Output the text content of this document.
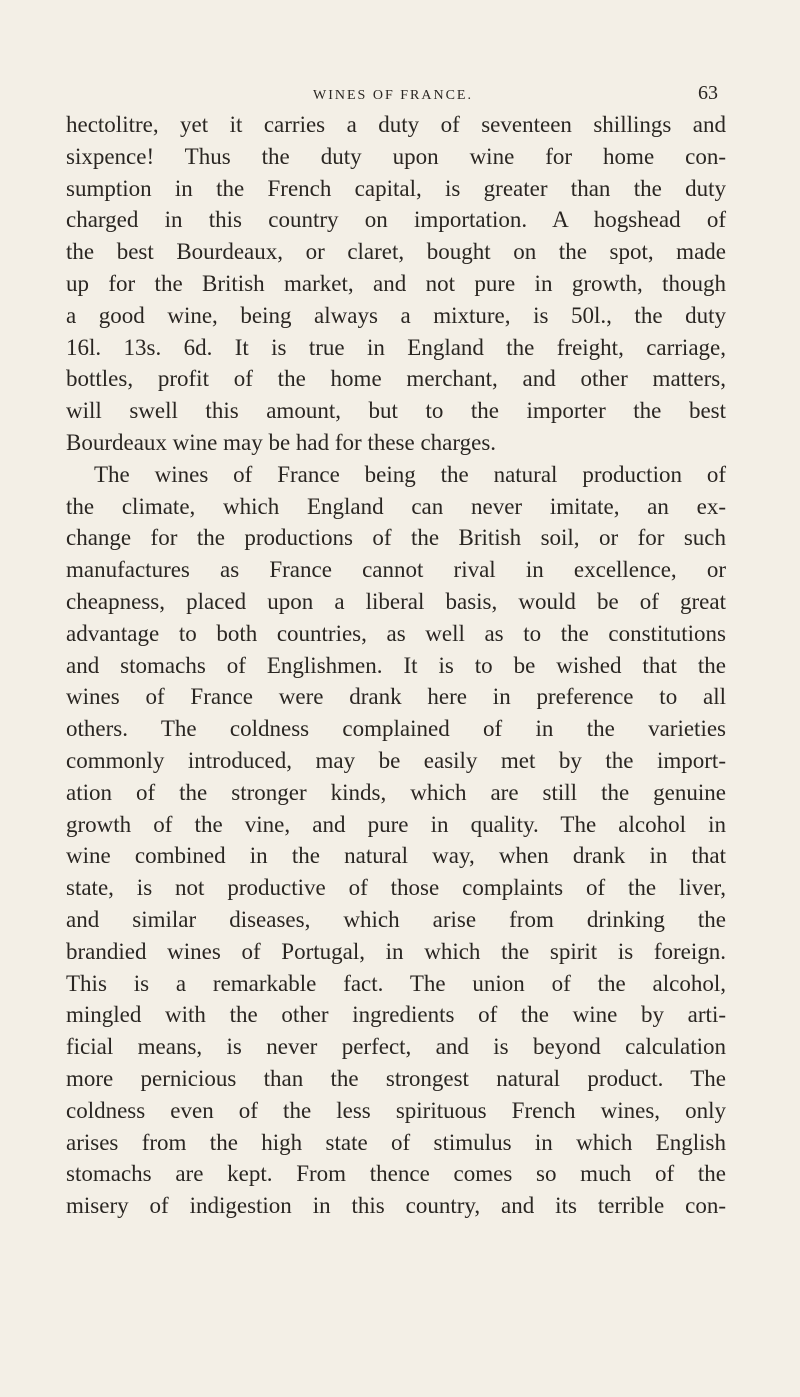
WINES OF FRANCE.	63
hectolitre, yet it carries a duty of seventeen shillings and
sixpence! Thus the duty upon wine for home con-
sumption in the French capital, is greater than the duty
charged in this country on importation. A hogshead of
the best Bourdeaux, or claret, bought on the spot, made
up for the British market, and not pure in growth, though
a good wine, being always a mixture, is 50l., the duty
16l. 13s. 6d. It is true in England the freight, carriage,
bottles, profit of the home merchant, and other matters,
will swell this amount, but to the importer the best
Bourdeaux wine may be had for these charges.
The wines of France being the natural production of
the climate, which England can never imitate, an ex-
change for the productions of the British soil, or for such
manufactures as France cannot rival in excellence, or
cheapness, placed upon a liberal basis, would be of great
advantage to both countries, as well as to the constitutions
and stomachs of Englishmen. It is to be wished that the
wines of France were drank here in preference to all
others. The coldness complained of in the varieties
commonly introduced, may be easily met by the import-
ation of the stronger kinds, which are still the genuine
growth of the vine, and pure in quality. The alcohol in
wine combined in the natural way, when drank in that
state, is not productive of those complaints of the liver,
and similar diseases, which arise from drinking the
brandied wines of Portugal, in which the spirit is foreign.
This is a remarkable fact. The union of the alcohol,
mingled with the other ingredients of the wine by arti-
ficial means, is never perfect, and is beyond calculation
more pernicious than the strongest natural product. The
coldness even of the less spirituous French wines, only
arises from the high state of stimulus in which English
stomachs are kept. From thence comes so much of the
misery of indigestion in this country, and its terrible con-
